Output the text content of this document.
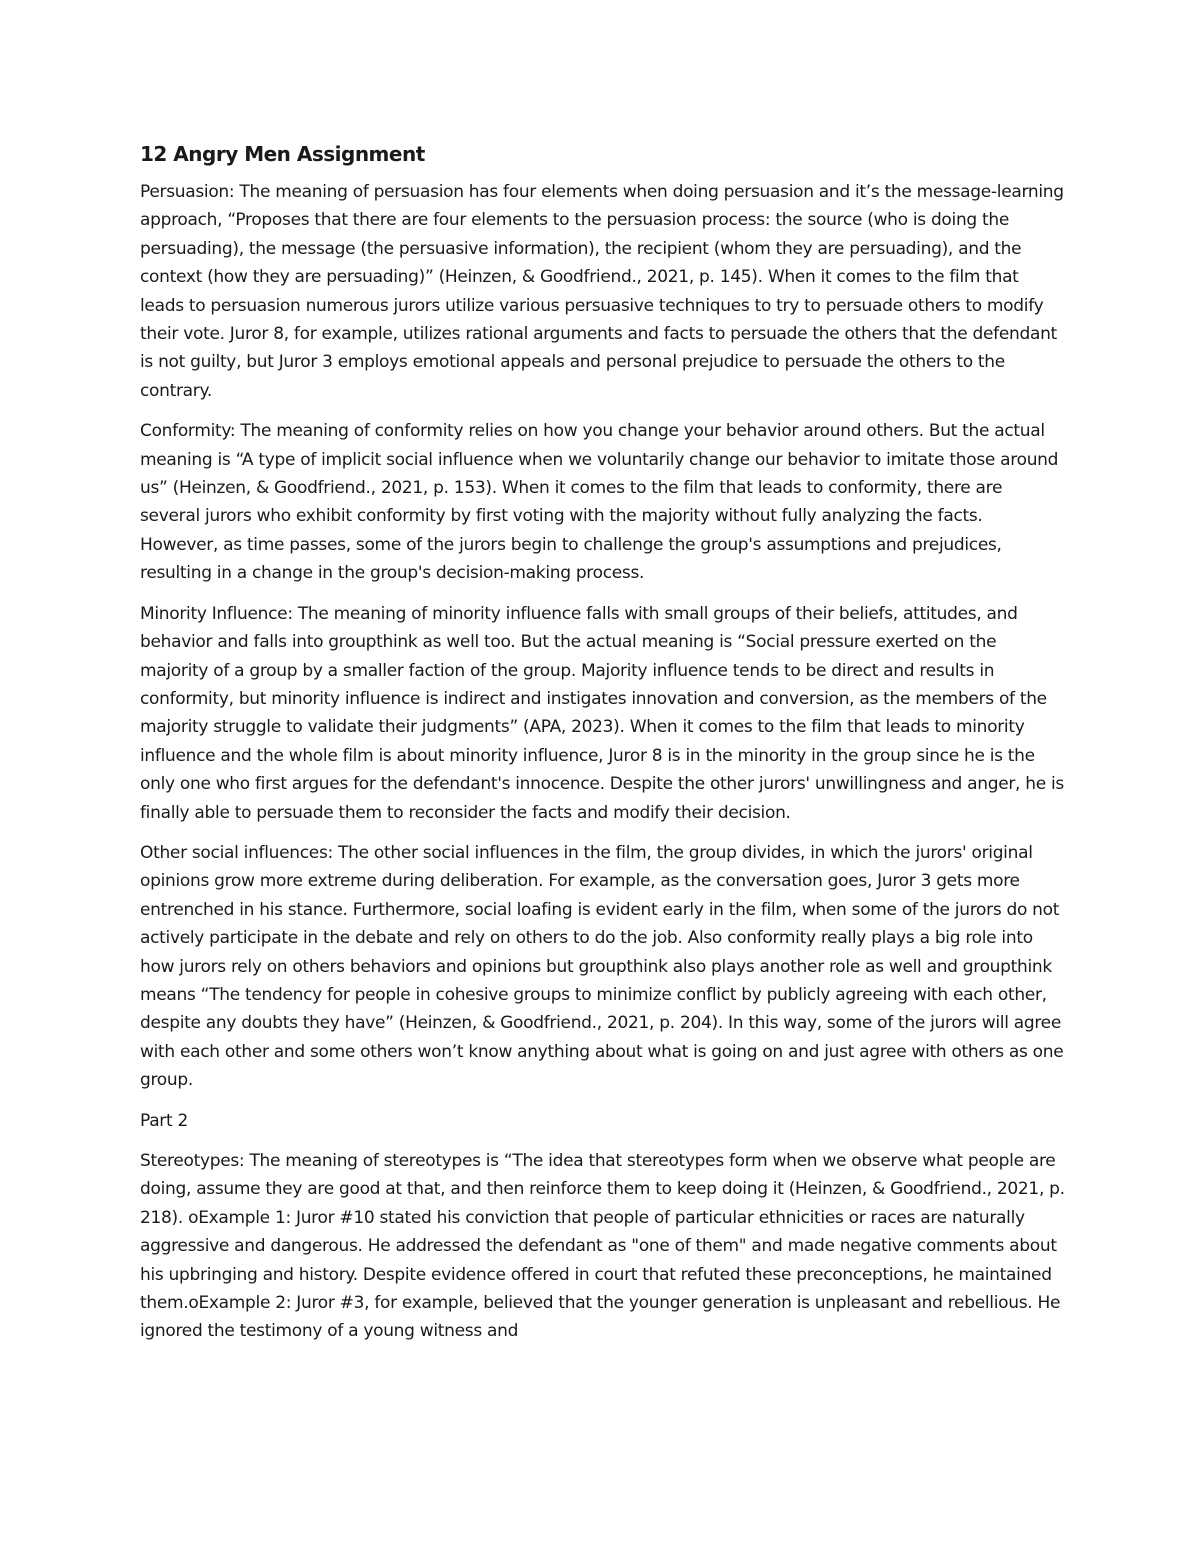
12 Angry Men Assignment

Persuasion: The meaning of persuasion has four elements when doing persuasion and it’s the message-learning approach, “Proposes that there are four elements to the persuasion process: the source (who is doing the persuading), the message (the persuasive information), the recipient (whom they are persuading), and the context (how they are persuading)” (Heinzen, & Goodfriend., 2021, p. 145). When it comes to the film that leads to persuasion numerous jurors utilize various persuasive techniques to try to persuade others to modify their vote. Juror 8, for example, utilizes rational arguments and facts to persuade the others that the defendant is not guilty, but Juror 3 employs emotional appeals and personal prejudice to persuade the others to the contrary.

Conformity: The meaning of conformity relies on how you change your behavior around others. But the actual meaning is “A type of implicit social influence when we voluntarily change our behavior to imitate those around us” (Heinzen, & Goodfriend., 2021, p. 153). When it comes to the film that leads to conformity, there are several jurors who exhibit conformity by first voting with the majority without fully analyzing the facts. However, as time passes, some of the jurors begin to challenge the group's assumptions and prejudices, resulting in a change in the group's decision-making process.

Minority Influence: The meaning of minority influence falls with small groups of their beliefs, attitudes, and behavior and falls into groupthink as well too. But the actual meaning is “Social pressure exerted on the majority of a group by a smaller faction of the group. Majority influence tends to be direct and results in conformity, but minority influence is indirect and instigates innovation and conversion, as the members of the majority struggle to validate their judgments” (APA, 2023). When it comes to the film that leads to minority influence and the whole film is about minority influence, Juror 8 is in the minority in the group since he is the only one who first argues for the defendant's innocence. Despite the other jurors' unwillingness and anger, he is finally able to persuade them to reconsider the facts and modify their decision.

Other social influences: The other social influences in the film, the group divides, in which the jurors' original opinions grow more extreme during deliberation. For example, as the conversation goes, Juror 3 gets more entrenched in his stance. Furthermore, social loafing is evident early in the film, when some of the jurors do not actively participate in the debate and rely on others to do the job. Also conformity really plays a big role into how jurors rely on others behaviors and opinions but groupthink also plays another role as well and groupthink means “The tendency for people in cohesive groups to minimize conflict by publicly agreeing with each other, despite any doubts they have” (Heinzen, & Goodfriend., 2021, p. 204). In this way, some of the jurors will agree with each other and some others won’t know anything about what is going on and just agree with others as one group.

Part 2

Stereotypes: The meaning of stereotypes is “The idea that stereotypes form when we observe what people are doing, assume they are good at that, and then reinforce them to keep doing it (Heinzen, & Goodfriend., 2021, p. 218). oExample 1: Juror #10 stated his conviction that people of particular ethnicities or races are naturally aggressive and dangerous. He addressed the defendant as "one of them" and made negative comments about his upbringing and history. Despite evidence offered in court that refuted these preconceptions, he maintained them.oExample 2: Juror #3, for example, believed that the younger generation is unpleasant and rebellious. He ignored the testimony of a young witness and
